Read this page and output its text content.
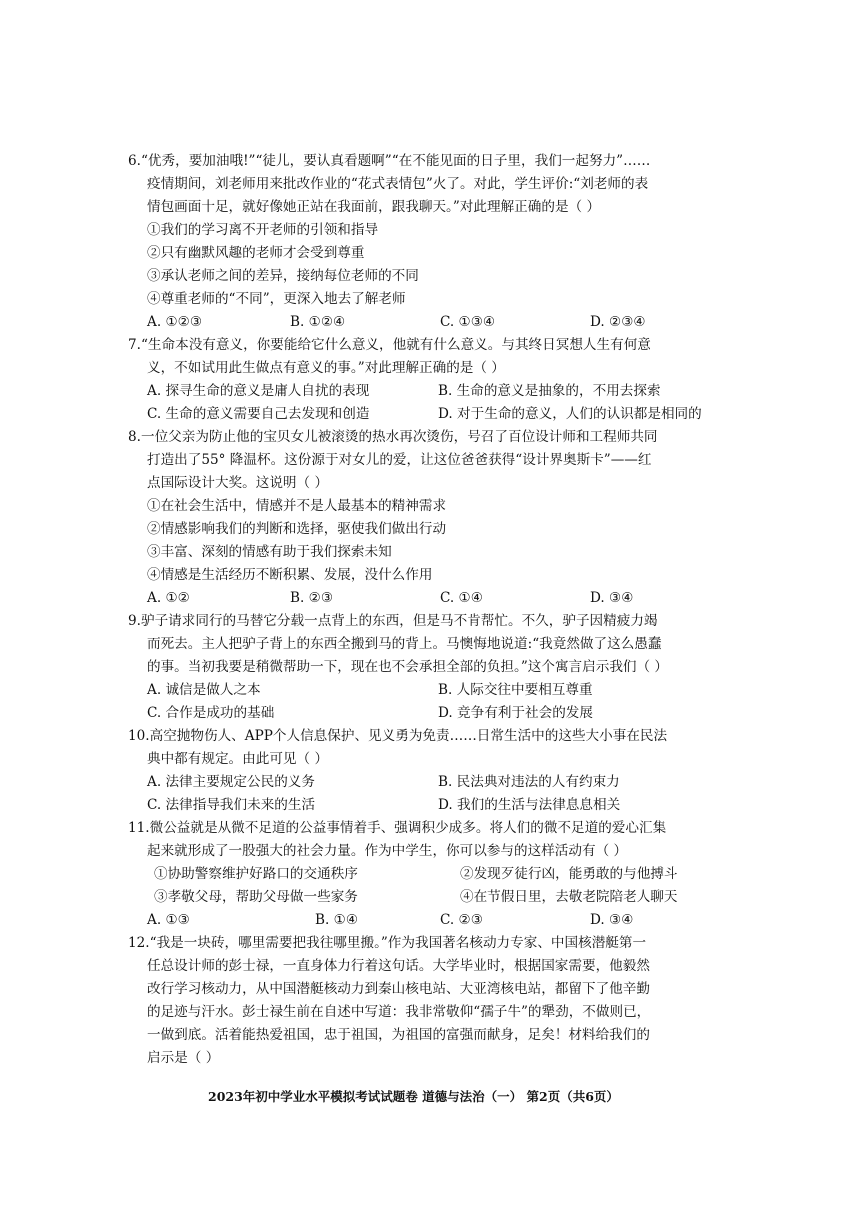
6.“优秀，要加油哦!”“徒儿，要认真看题啊”“在不能见面的日子里，我们一起努力”……
疫情期间，刘老师用来批改作业的“花式表情包”火了。对此，学生评价:“刘老师的表
情包画面十足，就好像她正站在我面前，跟我聊天。”对此理解正确的是（ ）
①我们的学习离不开老师的引领和指导
②只有幽默风趣的老师才会受到尊重
③承认老师之间的差异，接纳每位老师的不同
④尊重老师的“不同”，更深入地去了解老师
A. ①②③	B. ①②④	C. ①③④	D. ②③④
7.“生命本没有意义，你要能给它什么意义，他就有什么意义。与其终日冥想人生有何意
义，不如试用此生做点有意义的事。”对此理解正确的是（ ）
A. 探寻生命的意义是庸人自扰的表现	B. 生命的意义是抽象的，不用去探索
C. 生命的意义需要自己去发现和创造	D. 对于生命的意义，人们的认识都是相同的
8.一位父亲为防止他的宝贝女儿被滚烫的热水再次烫伤，号召了百位设计师和工程师共同
打造出了55° 降温杯。这份源于对女儿的爱，让这位爸爸获得“设计界奥斯卡”——红
点国际设计大奖。这说明（ ）
①在社会生活中，情感并不是人最基本的精神需求
②情感影响我们的判断和选择，驱使我们做出行动
③丰富、深刻的情感有助于我们探索未知
④情感是生活经历不断积累、发展，没什么作用
A. ①②	B. ②③	C. ①④	D. ③④
9.驴子请求同行的马替它分载一点背上的东西，但是马不肯帮忙。不久，驴子因精疲力竭
而死去。主人把驴子背上的东西全搬到马的背上。马懊悔地说道:“我竟然做了这么愚蠢
的事。当初我要是稍微帮助一下，现在也不会承担全部的负担。”这个寓言启示我们（ ）
A. 诚信是做人之本	B. 人际交往中要相互尊重
C. 合作是成功的基础	D. 竞争有利于社会的发展
10.高空抛物伤人、APP个人信息保护、见义勇为免责……日常生活中的这些大小事在民法
典中都有规定。由此可见（ ）
A. 法律主要规定公民的义务	B. 民法典对违法的人有约束力
C. 法律指导我们未来的生活	D. 我们的生活与法律息息相关
11.微公益就是从微不足道的公益事情着手、强调积少成多。将人们的微不足道的爱心汇集
起来就形成了一股强大的社会力量。作为中学生，你可以参与的这样活动有（ ）
①协助警察维护好路口的交通秩序	②发现歹徒行凶，能勇敢的与他搏斗
③孝敬父母，帮助父母做一些家务	④在节假日里，去敬老院陪老人聊天
A. ①③	B. ①④	C. ②③	D. ③④
12.“我是一块砖，哪里需要把我往哪里搬。”作为我国著名核动力专家、中国核潜艇第一
任总设计师的彭士禄，一直身体力行着这句话。大学毕业时，根据国家需要，他毅然
改行学习核动力，从中国潜艇核动力到秦山核电站、大亚湾核电站，都留下了他辛勤
的足迹与汗水。彭士禄生前在自述中写道：我非常敬仰“孺子牛”的犟劲，不做则已，
一做到底。活着能热爱祖国，忠于祖国，为祖国的富强而献身，足矣！材料给我们的
启示是（ ）
2023年初中学业水平模拟考试试题卷 道德与法治（一） 第2页（共6页）
